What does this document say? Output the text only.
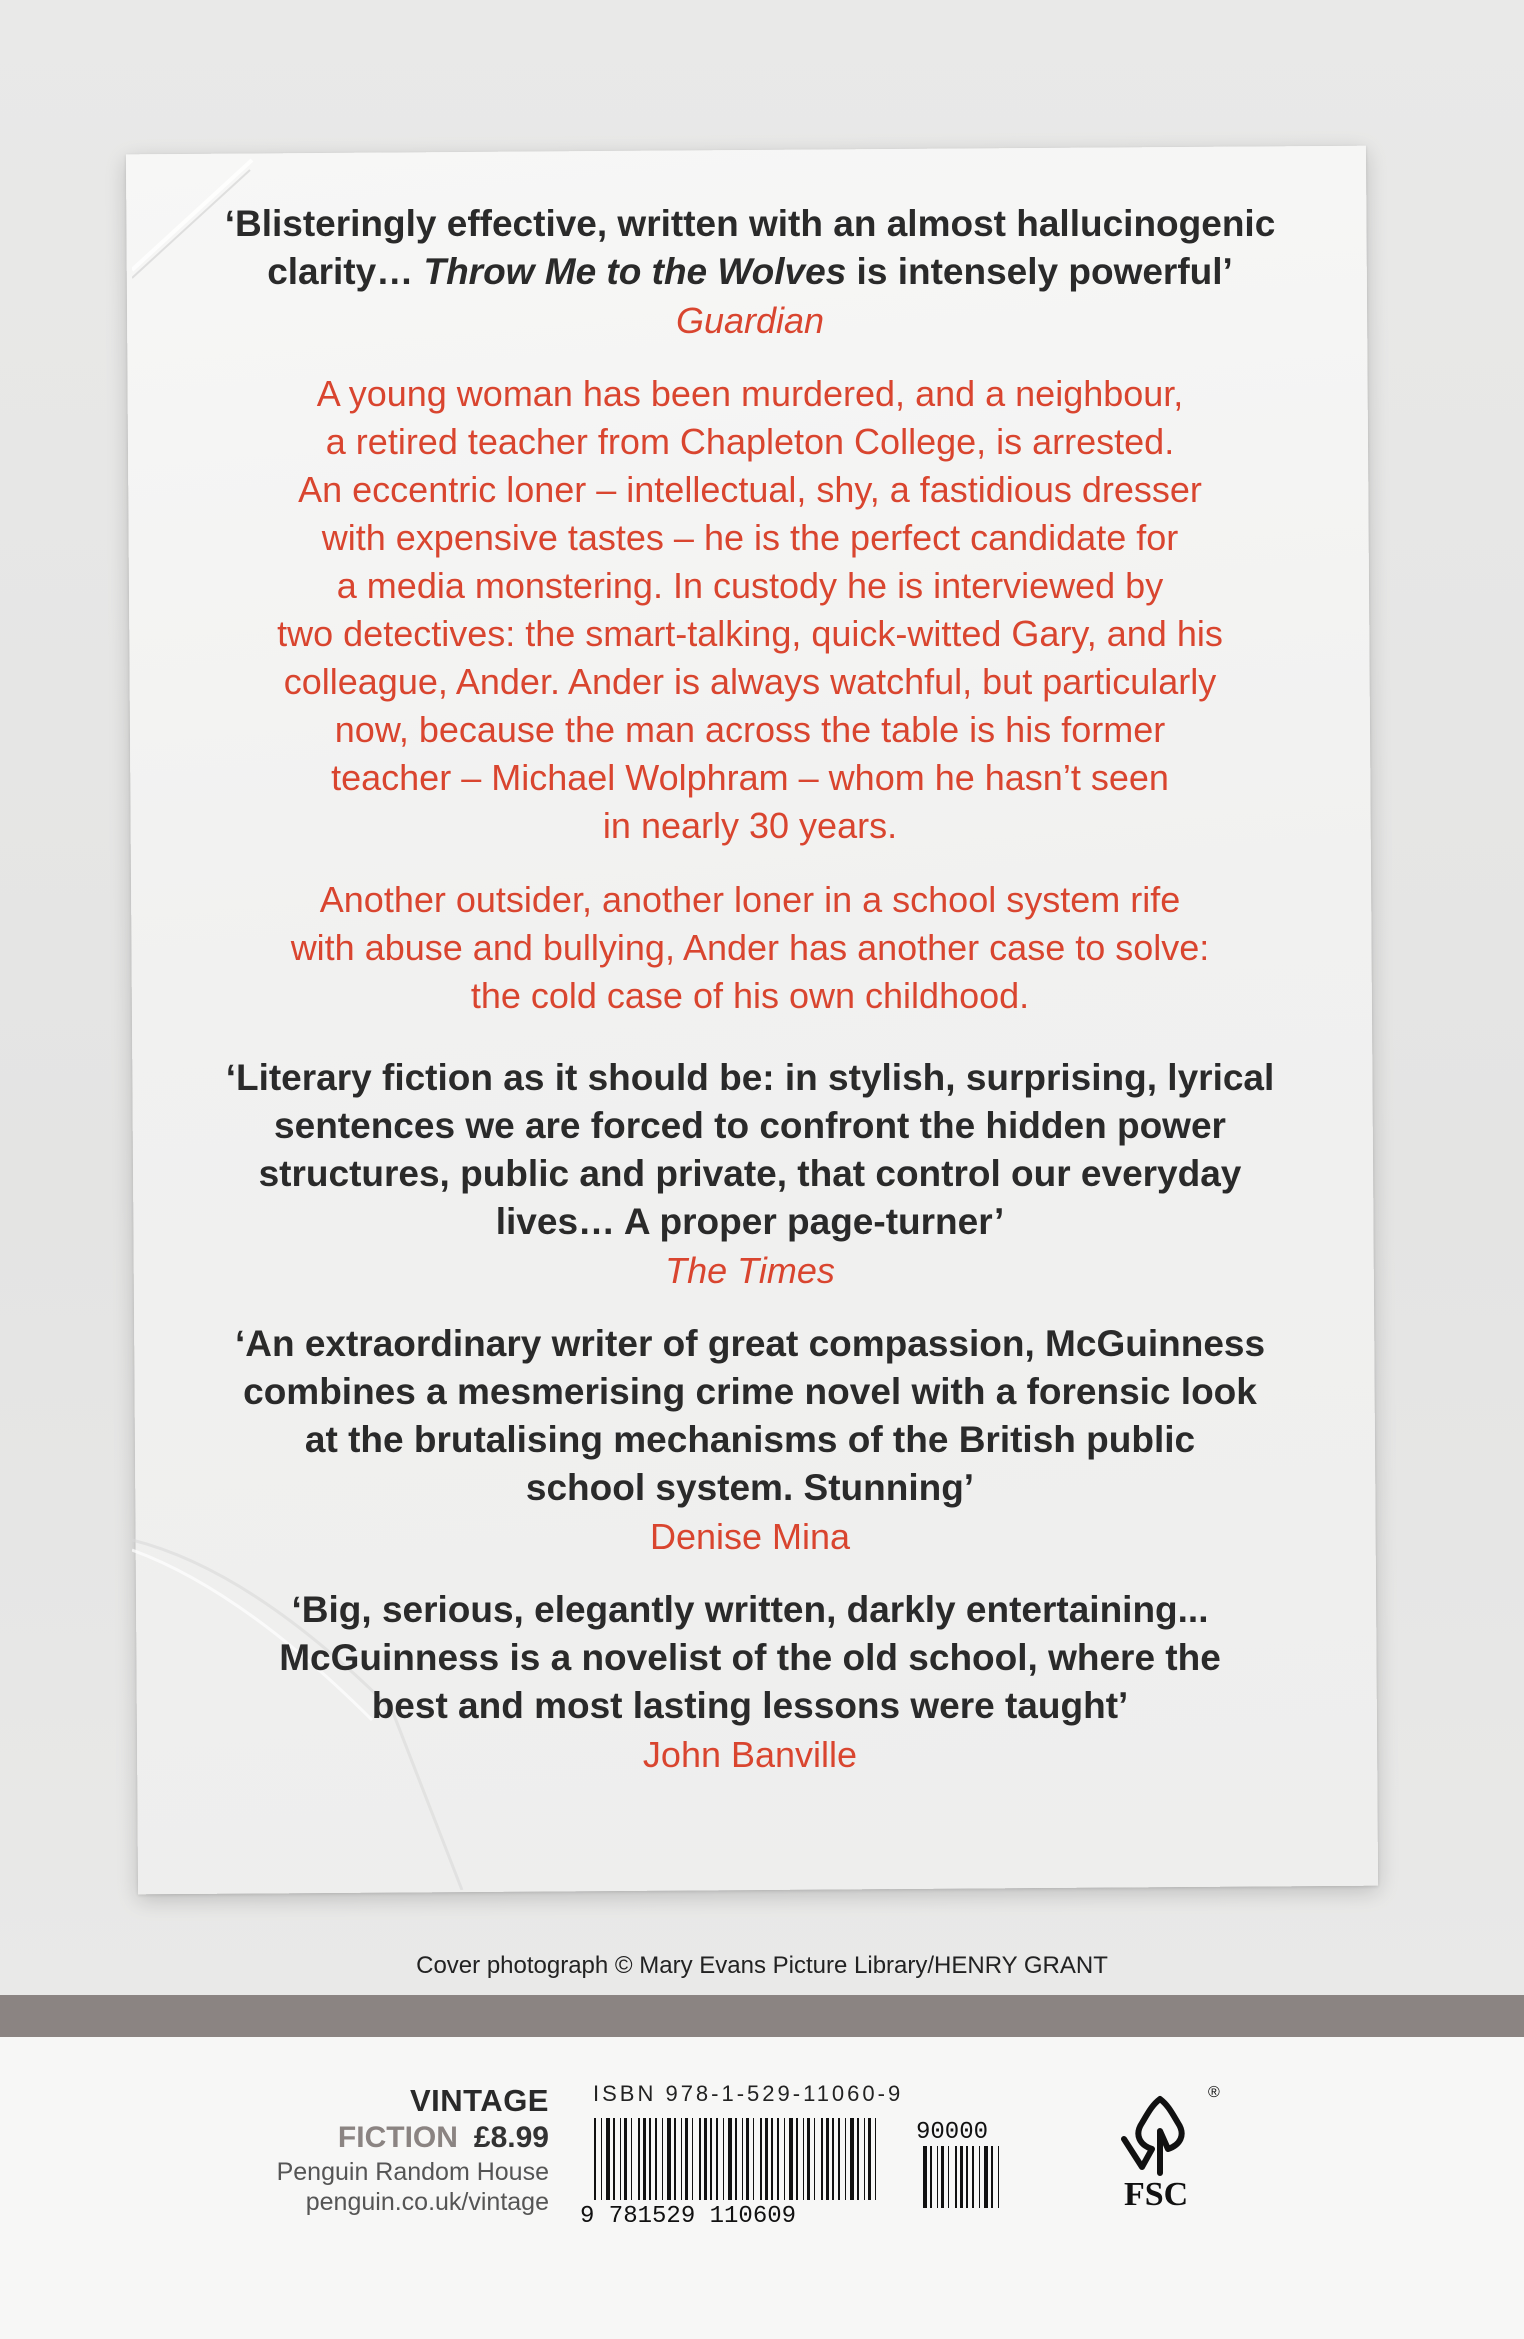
‘Blisteringly effective, written with an almost hallucinogenic clarity… Throw Me to the Wolves is intensely powerful’
Guardian
A young woman has been murdered, and a neighbour,
a retired teacher from Chapleton College, is arrested.
An eccentric loner – intellectual, shy, a fastidious dresser
with expensive tastes – he is the perfect candidate for
a media monstering. In custody he is interviewed by
two detectives: the smart-talking, quick-witted Gary, and his
colleague, Ander. Ander is always watchful, but particularly
now, because the man across the table is his former
teacher – Michael Wolphram – whom he hasn’t seen
in nearly 30 years.
Another outsider, another loner in a school system rife
with abuse and bullying, Ander has another case to solve:
the cold case of his own childhood.
‘Literary fiction as it should be: in stylish, surprising, lyrical
sentences we are forced to confront the hidden power
structures, public and private, that control our everyday
lives… A proper page-turner’
The Times
‘An extraordinary writer of great compassion, McGuinness
combines a mesmerising crime novel with a forensic look
at the brutalising mechanisms of the British public
school system. Stunning’
Denise Mina
‘Big, serious, elegantly written, darkly entertaining...
McGuinness is a novelist of the old school, where the
best and most lasting lessons were taught’
John Banville
Cover photograph © Mary Evans Picture Library/HENRY GRANT
VINTAGE
FICTION £8.99
Penguin Random House
penguin.co.uk/vintage
ISBN 978-1-529-11060-9
9 781529 110609
90000
FSC
®
